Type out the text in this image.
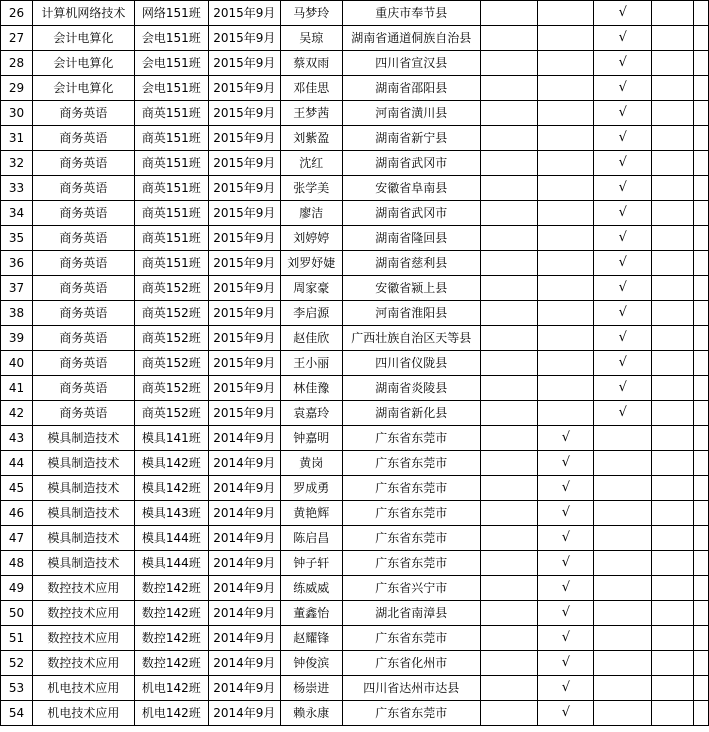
26	计算机网络技术	网络151班	2015年9月	马梦玲	重庆市奉节县			√		
27	会计电算化	会电151班	2015年9月	吴琼	湖南省通道侗族自治县			√		
28	会计电算化	会电151班	2015年9月	蔡双雨	四川省宣汉县			√		
29	会计电算化	会电151班	2015年9月	邓佳思	湖南省邵阳县			√		
30	商务英语	商英151班	2015年9月	王梦茜	河南省潢川县			√		
31	商务英语	商英151班	2015年9月	刘紫盈	湖南省新宁县			√		
32	商务英语	商英151班	2015年9月	沈红	湖南省武冈市			√		
33	商务英语	商英151班	2015年9月	张学美	安徽省阜南县			√		
34	商务英语	商英151班	2015年9月	廖洁	湖南省武冈市			√		
35	商务英语	商英151班	2015年9月	刘婷婷	湖南省隆回县			√		
36	商务英语	商英151班	2015年9月	刘罗妤婕	湖南省慈利县			√		
37	商务英语	商英152班	2015年9月	周家豪	安徽省颍上县			√		
38	商务英语	商英152班	2015年9月	李启源	河南省淮阳县			√		
39	商务英语	商英152班	2015年9月	赵佳欣	广西壮族自治区天等县			√		
40	商务英语	商英152班	2015年9月	王小丽	四川省仪陇县			√		
41	商务英语	商英152班	2015年9月	林佳豫	湖南省炎陵县			√		
42	商务英语	商英152班	2015年9月	袁嘉玲	湖南省新化县			√		
43	模具制造技术	模具141班	2014年9月	钟嘉明	广东省东莞市		√			
44	模具制造技术	模具142班	2014年9月	黄岗	广东省东莞市		√			
45	模具制造技术	模具142班	2014年9月	罗成勇	广东省东莞市		√			
46	模具制造技术	模具143班	2014年9月	黄艳辉	广东省东莞市		√			
47	模具制造技术	模具144班	2014年9月	陈启昌	广东省东莞市		√			
48	模具制造技术	模具144班	2014年9月	钟子轩	广东省东莞市		√			
49	数控技术应用	数控142班	2014年9月	练威威	广东省兴宁市		√			
50	数控技术应用	数控142班	2014年9月	董鑫怡	湖北省南漳县		√			
51	数控技术应用	数控142班	2014年9月	赵耀锋	广东省东莞市		√			
52	数控技术应用	数控142班	2014年9月	钟俊滨	广东省化州市		√			
53	机电技术应用	机电142班	2014年9月	杨崇进	四川省达州市达县		√			
54	机电技术应用	机电142班	2014年9月	赖永康	广东省东莞市		√			
